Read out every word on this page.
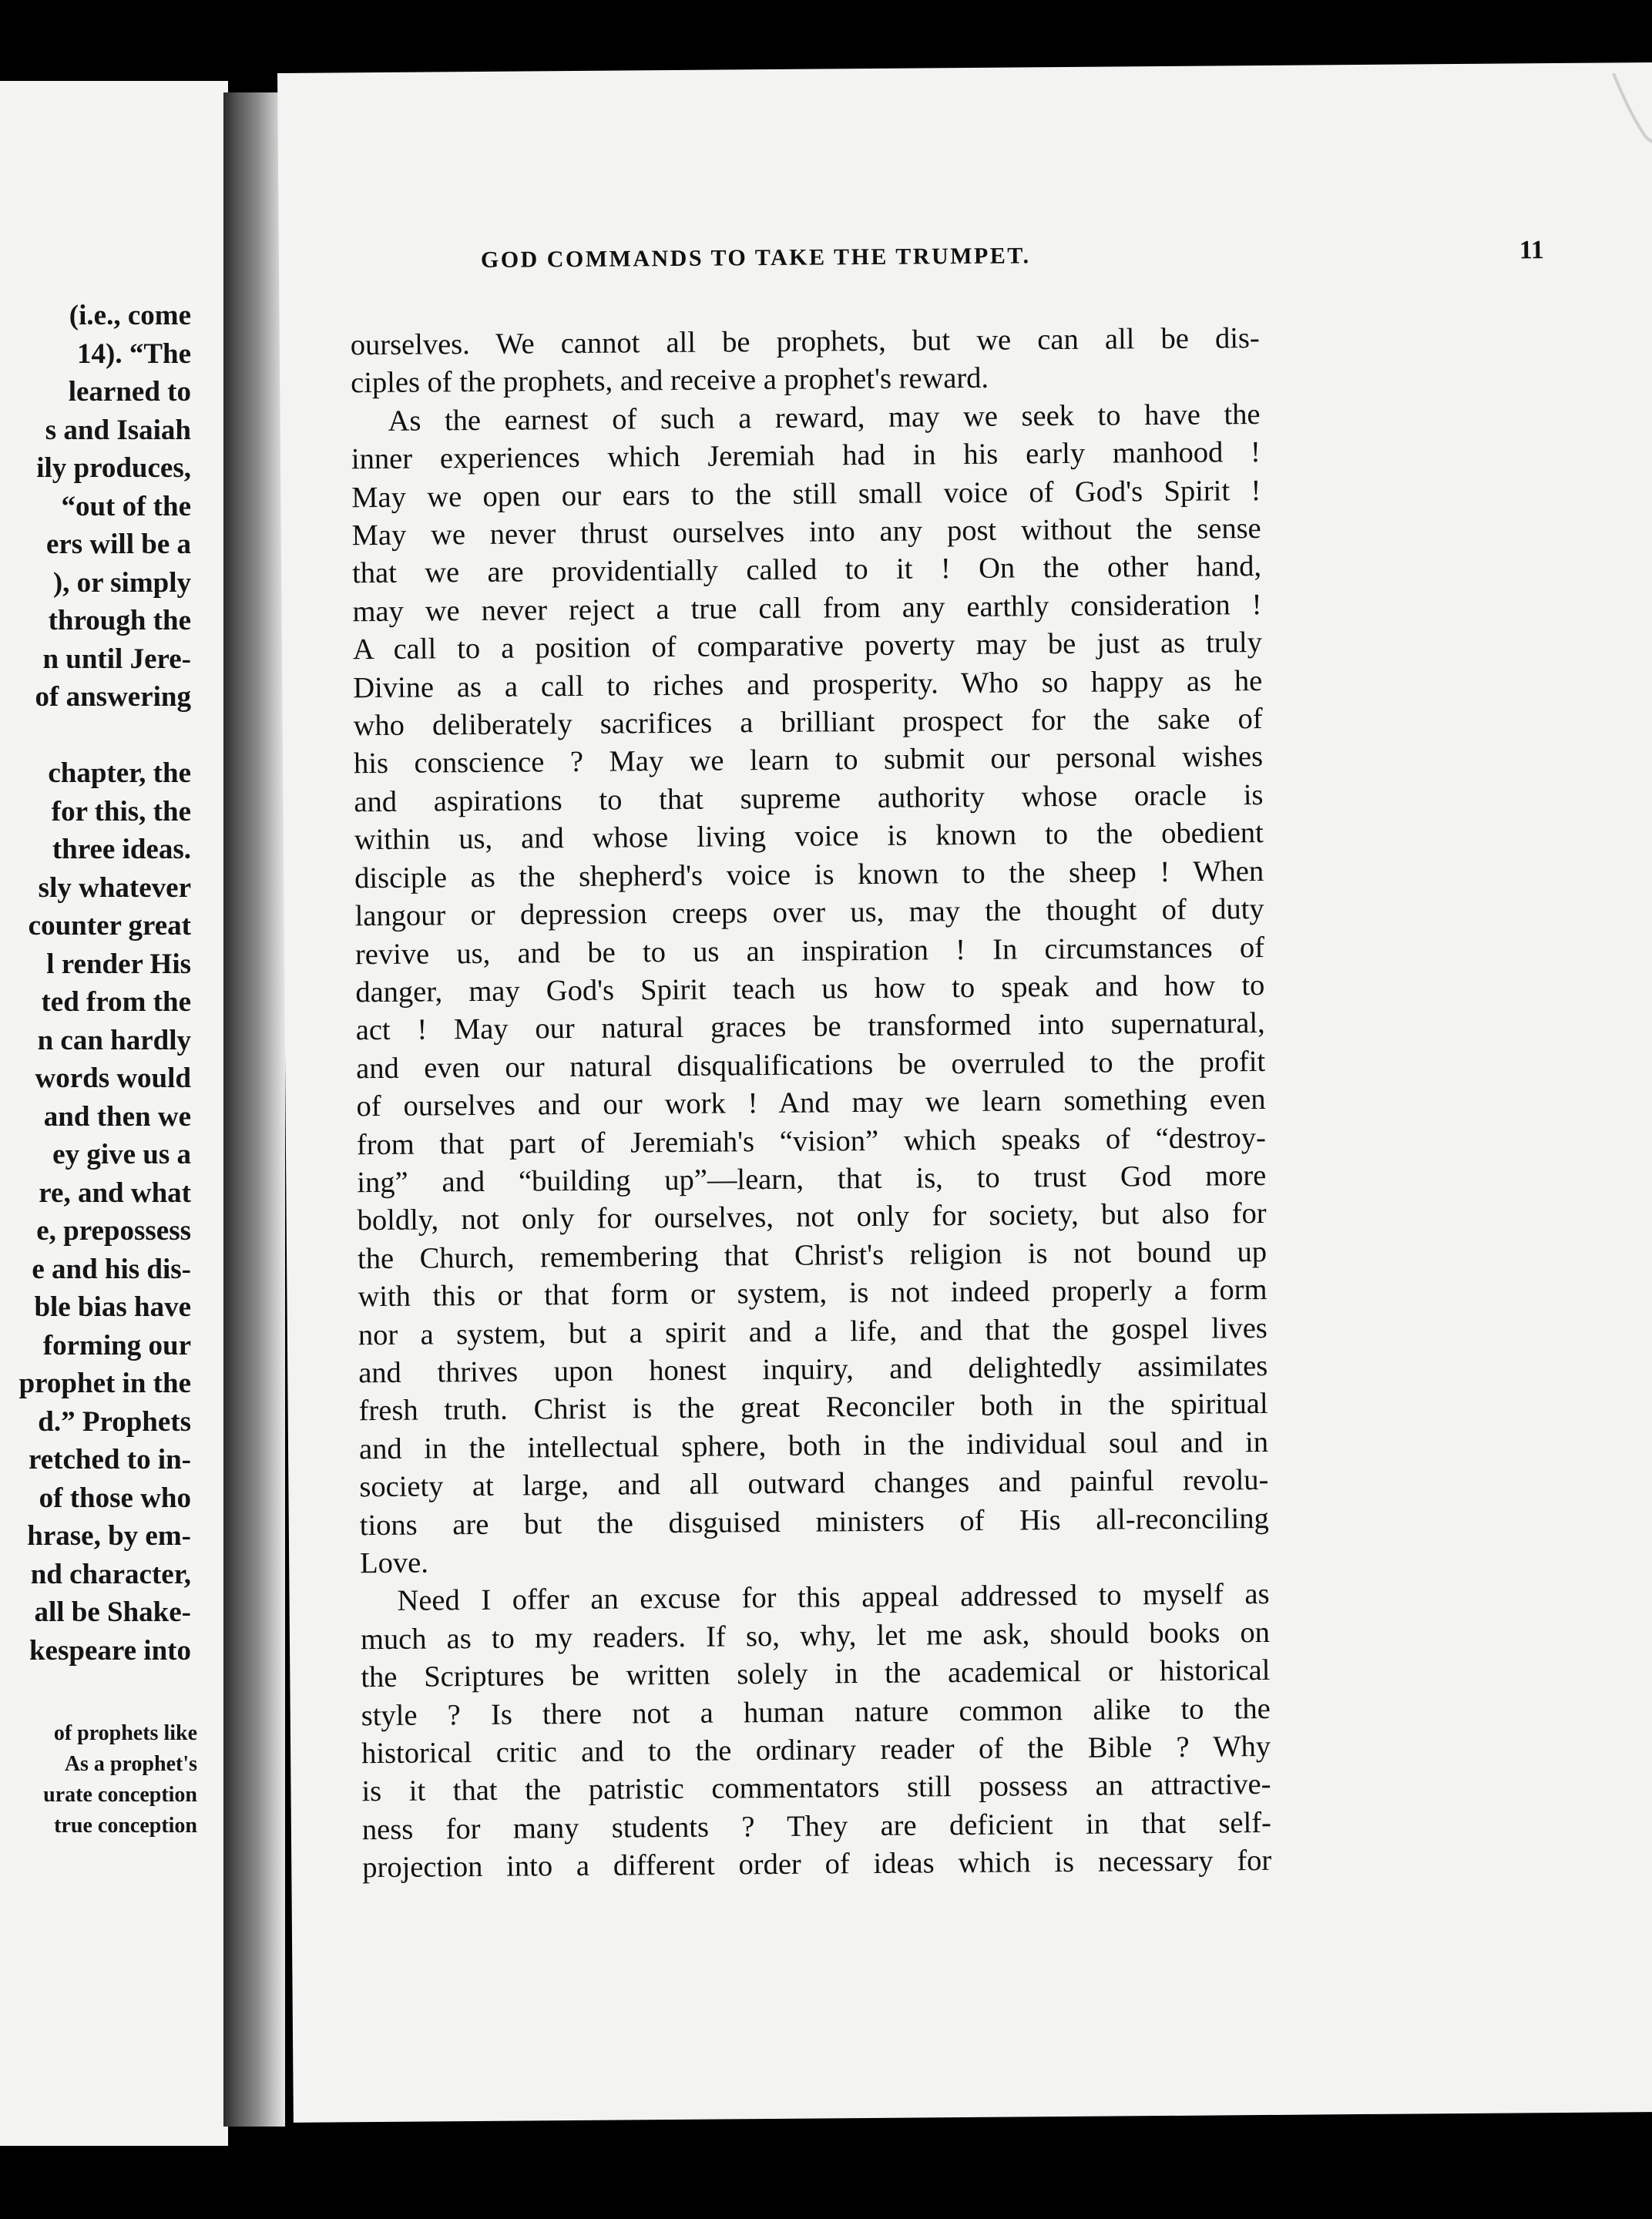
(i.e., come
14). “The
learned to
s and Isaiah
ily produces,
“out of the
ers will be a
), or simply
through the
n until Jere-
of answering

chapter, the
for this, the
three ideas.
sly whatever
counter great
l render His
ted from the
n can hardly
words would
and then we
ey give us a
re, and what
e, prepossess
e and his dis-
ble bias have
forming our
prophet in the
d.” Prophets
retched to in-
of those who
hrase, by em-
nd character,
all be Shake-
kespeare into
of prophets like
As a prophet's
urate conception
true conception
GOD COMMANDS TO TAKE THE TRUMPET.	11
ourselves. We cannot all be prophets, but we can all be dis-
ciples of the prophets, and receive a prophet's reward.
As the earnest of such a reward, may we seek to have the
inner experiences which Jeremiah had in his early manhood !
May we open our ears to the still small voice of God's Spirit !
May we never thrust ourselves into any post without the sense
that we are providentially called to it ! On the other hand,
may we never reject a true call from any earthly consideration !
A call to a position of comparative poverty may be just as truly
Divine as a call to riches and prosperity. Who so happy as he
who deliberately sacrifices a brilliant prospect for the sake of
his conscience ? May we learn to submit our personal wishes
and aspirations to that supreme authority whose oracle is
within us, and whose living voice is known to the obedient
disciple as the shepherd's voice is known to the sheep ! When
langour or depression creeps over us, may the thought of duty
revive us, and be to us an inspiration ! In circumstances of
danger, may God's Spirit teach us how to speak and how to
act ! May our natural graces be transformed into supernatural,
and even our natural disqualifications be overruled to the profit
of ourselves and our work ! And may we learn something even
from that part of Jeremiah's “vision” which speaks of “destroy-
ing” and “building up”—learn, that is, to trust God more
boldly, not only for ourselves, not only for society, but also for
the Church, remembering that Christ's religion is not bound up
with this or that form or system, is not indeed properly a form
nor a system, but a spirit and a life, and that the gospel lives
and thrives upon honest inquiry, and delightedly assimilates
fresh truth. Christ is the great Reconciler both in the spiritual
and in the intellectual sphere, both in the individual soul and in
society at large, and all outward changes and painful revolu-
tions are but the disguised ministers of His all-reconciling
Love.
Need I offer an excuse for this appeal addressed to myself as
much as to my readers. If so, why, let me ask, should books on
the Scriptures be written solely in the academical or historical
style ? Is there not a human nature common alike to the
historical critic and to the ordinary reader of the Bible ? Why
is it that the patristic commentators still possess an attractive-
ness for many students ? They are deficient in that self-
projection into a different order of ideas which is necessary for
